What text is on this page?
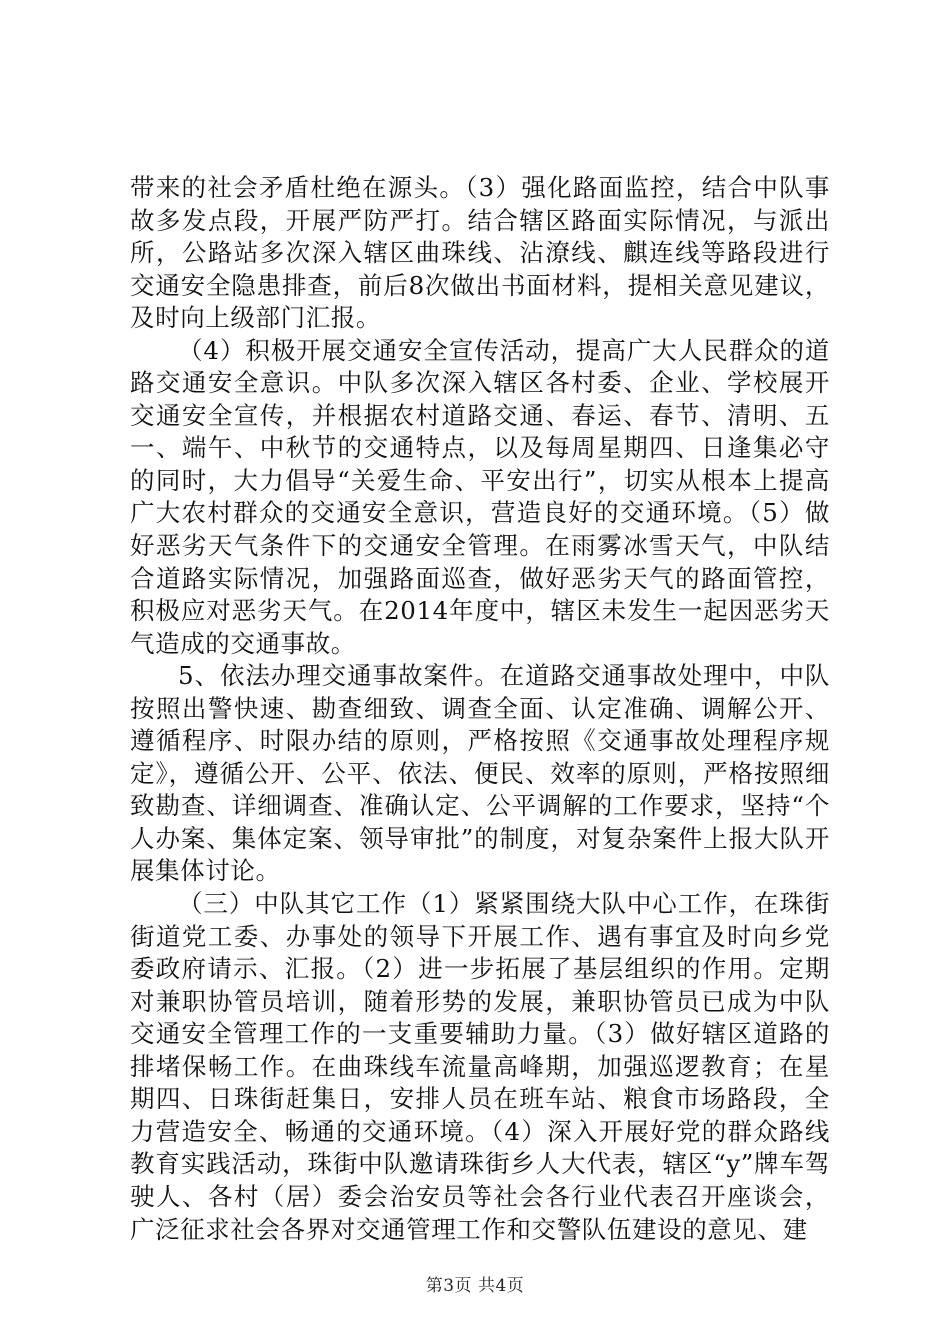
带来的社会矛盾杜绝在源头。（3）强化路面监控，结合中队事故多发点段，开展严防严打。结合辖区路面实际情况，与派出所，公路站多次深入辖区曲珠线、沾潦线、麒连线等路段进行交通安全隐患排查，前后8次做出书面材料，提相关意见建议，及时向上级部门汇报。

（4）积极开展交通安全宣传活动，提高广大人民群众的道路交通安全意识。中队多次深入辖区各村委、企业、学校展开交通安全宣传，并根据农村道路交通、春运、春节、清明、五一、端午、中秋节的交通特点，以及每周星期四、日逢集必守的同时，大力倡导“关爱生命、平安出行”，切实从根本上提高广大农村群众的交通安全意识，营造良好的交通环境。（5）做好恶劣天气条件下的交通安全管理。在雨雾冰雪天气，中队结合道路实际情况，加强路面巡查，做好恶劣天气的路面管控，积极应对恶劣天气。在2014年度中，辖区未发生一起因恶劣天气造成的交通事故。

5、依法办理交通事故案件。在道路交通事故处理中，中队按照出警快速、勘查细致、调查全面、认定准确、调解公开、遵循程序、时限办结的原则，严格按照《交通事故处理程序规定》，遵循公开、公平、依法、便民、效率的原则，严格按照细致勘查、详细调查、准确认定、公平调解的工作要求，坚持“个人办案、集体定案、领导审批”的制度，对复杂案件上报大队开展集体讨论。

（三）中队其它工作（1）紧紧围绕大队中心工作，在珠街街道党工委、办事处的领导下开展工作、遇有事宜及时向乡党委政府请示、汇报。（2）进一步拓展了基层组织的作用。定期对兼职协管员培训，随着形势的发展，兼职协管员已成为中队交通安全管理工作的一支重要辅助力量。（3）做好辖区道路的排堵保畅工作。在曲珠线车流量高峰期，加强巡逻教育；在星期四、日珠街赶集日，安排人员在班车站、粮食市场路段，全力营造安全、畅通的交通环境。（4）深入开展好党的群众路线教育实践活动，珠街中队邀请珠街乡人大代表，辖区“y”牌车驾驶人、各村（居）委会治安员等社会各行业代表召开座谈会，广泛征求社会各界对交通管理工作和交警队伍建设的意见、建

第3页 共4页
